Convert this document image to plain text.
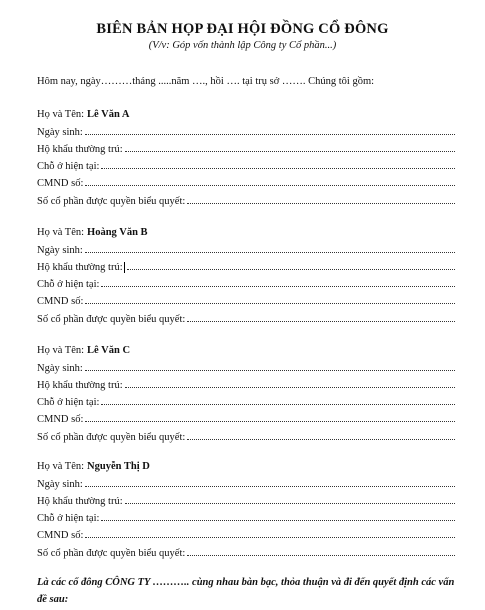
BIÊN BẢN HỌP ĐẠI HỘI ĐỒNG CỔ ĐÔNG
(V/v: Góp vốn thành lập Công ty Cổ phần...)
Hôm nay, ngày………tháng .....năm …., hồi …. tại trụ sở ……. Chúng tôi gồm:
Họ và Tên: Lê Văn A
Ngày sinh:
Hộ khẩu thường trú:
Chỗ ở hiện tại:
CMND số:
Số cổ phần được quyền biểu quyết:
Họ và Tên: Hoàng Văn B
Ngày sinh:
Hộ khẩu thường trú:
Chỗ ở hiện tại:
CMND số:
Số cổ phần được quyền biểu quyết:
Họ và Tên: Lê Văn C
Ngày sinh:
Hộ khẩu thường trú:
Chỗ ở hiện tại:
CMND số:
Số cổ phần được quyền biểu quyết:
Họ và Tên: Nguyễn Thị D
Ngày sinh:
Hộ khẩu thường trú:
Chỗ ở hiện tại:
CMND số:
Số cổ phần được quyền biểu quyết:
Là các cổ đông CÔNG TY ……….. cùng nhau bàn bạc, thỏa thuận và đi đến quyết định các vấn đề sau:
